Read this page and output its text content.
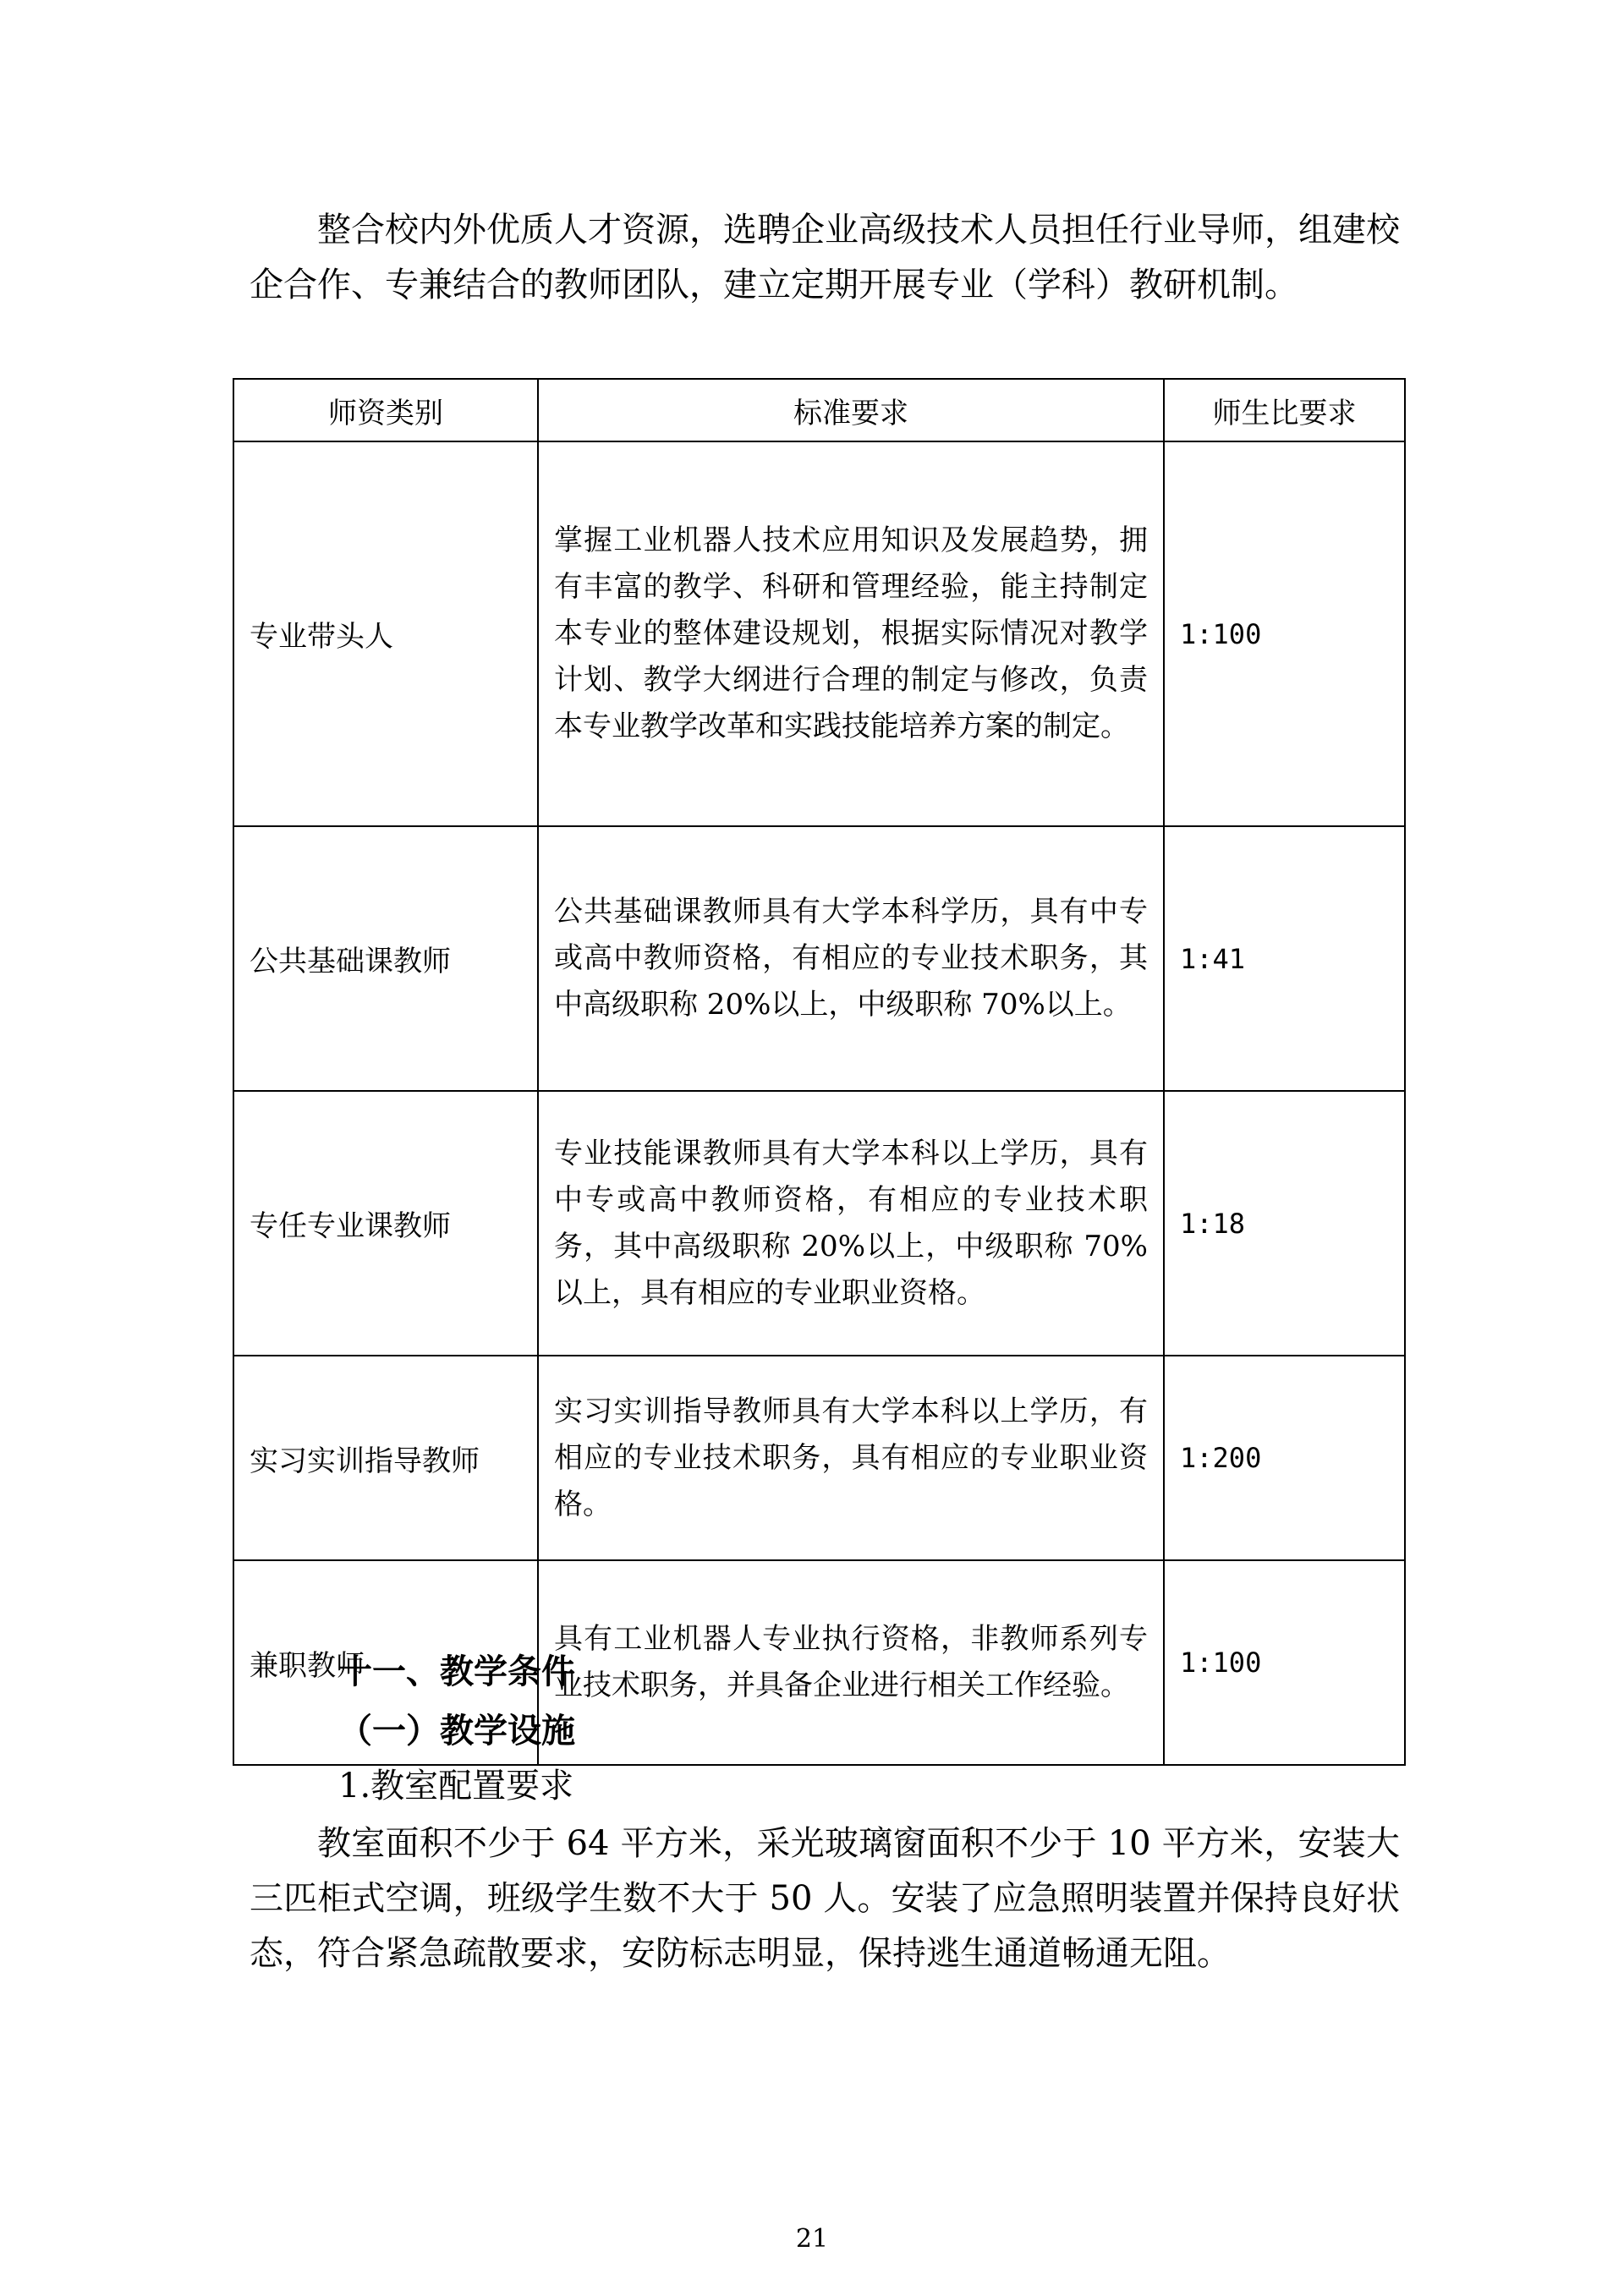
整合校内外优质人才资源，选聘企业高级技术人员担任行业导师，组建校企合作、专兼结合的教师团队，建立定期开展专业（学科）教研机制。

师资类别	标准要求	师生比要求
专业带头人	掌握工业机器人技术应用知识及发展趋势，拥有丰富的教学、科研和管理经验，能主持制定本专业的整体建设规划，根据实际情况对教学计划、教学大纲进行合理的制定与修改，负责本专业教学改革和实践技能培养方案的制定。	1:100
公共基础课教师	公共基础课教师具有大学本科学历，具有中专或高中教师资格，有相应的专业技术职务，其中高级职称 20%以上，中级职称 70%以上。	1:41
专任专业课教师	专业技能课教师具有大学本科以上学历，具有中专或高中教师资格，有相应的专业技术职务，其中高级职称 20%以上，中级职称 70%以上，具有相应的专业职业资格。	1:18
实习实训指导教师	实习实训指导教师具有大学本科以上学历，有相应的专业技术职务，具有相应的专业职业资格。	1:200
兼职教师	具有工业机器人专业执行资格，非教师系列专业技术职务，并具备企业进行相关工作经验。	1:100
十一、教学条件
（一）教学设施
1.教室配置要求

教室面积不少于 64 平方米，采光玻璃窗面积不少于 10 平方米，安装大三匹柜式空调，班级学生数不大于 50 人。安装了应急照明装置并保持良好状态，符合紧急疏散要求，安防标志明显，保持逃生通道畅通无阻。

21
